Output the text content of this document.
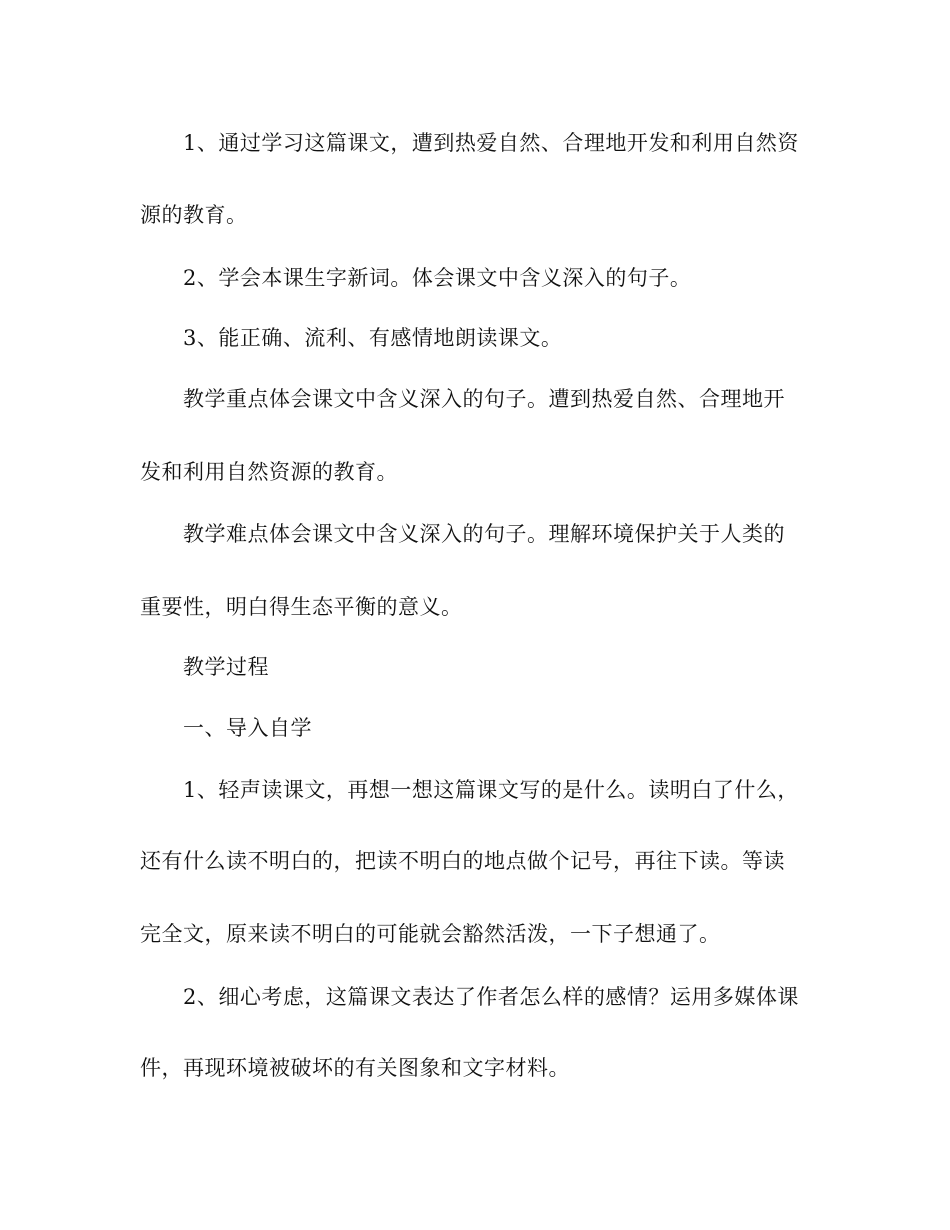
1、通过学习这篇课文，遭到热爱自然、合理地开发和利用自然资
源的教育。
2、学会本课生字新词。体会课文中含义深入的句子。
3、能正确、流利、有感情地朗读课文。
教学重点体会课文中含义深入的句子。遭到热爱自然、合理地开
发和利用自然资源的教育。
教学难点体会课文中含义深入的句子。理解环境保护关于人类的
重要性，明白得生态平衡的意义。
教学过程
一、导入自学
1、轻声读课文，再想一想这篇课文写的是什么。读明白了什么，
还有什么读不明白的，把读不明白的地点做个记号，再往下读。等读
完全文，原来读不明白的可能就会豁然活泼，一下子想通了。
2、细心考虑，这篇课文表达了作者怎么样的感情？运用多媒体课
件，再现环境被破坏的有关图象和文字材料。
